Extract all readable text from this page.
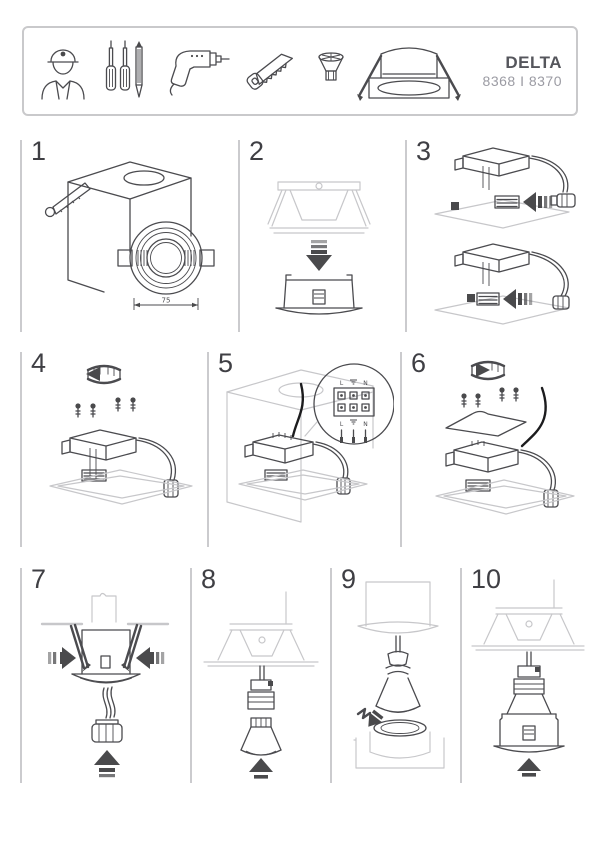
DELTA
8368 I 8370
1
75
2	3
4	5
L	N
L	N
6
7	8	9	10
